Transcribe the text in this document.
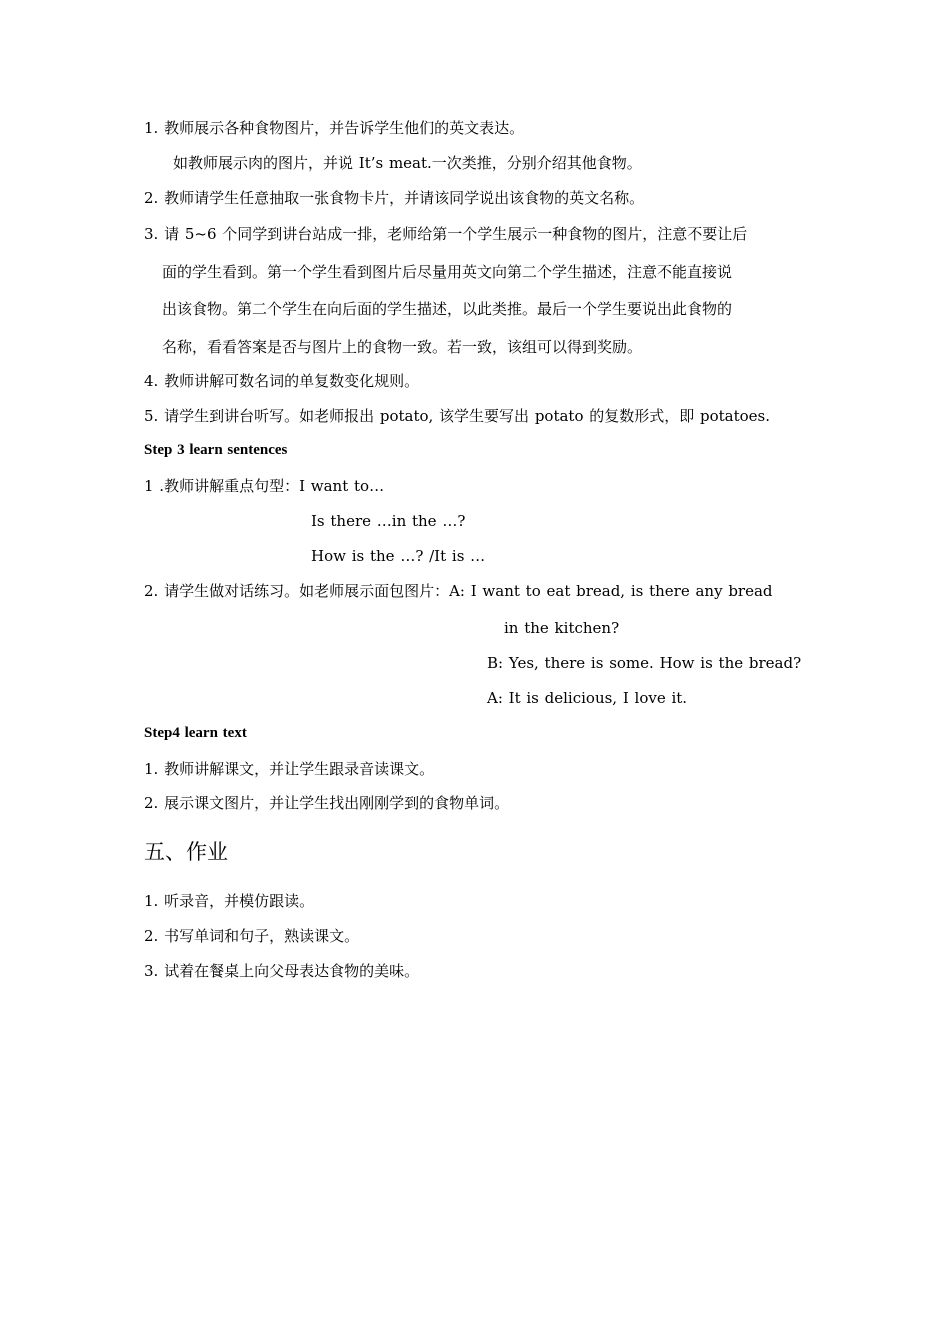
1. 教师展示各种食物图片，并告诉学生他们的英文表达。
如教师展示肉的图片，并说 It’s meat.一次类推，分别介绍其他食物。
2. 教师请学生任意抽取一张食物卡片，并请该同学说出该食物的英文名称。
3. 请 5~6 个同学到讲台站成一排，老师给第一个学生展示一种食物的图片，注意不要让后
面的学生看到。第一个学生看到图片后尽量用英文向第二个学生描述，注意不能直接说
出该食物。第二个学生在向后面的学生描述，以此类推。最后一个学生要说出此食物的
名称，看看答案是否与图片上的食物一致。若一致，该组可以得到奖励。
4. 教师讲解可数名词的单复数变化规则。
5. 请学生到讲台听写。如老师报出 potato, 该学生要写出 potato 的复数形式，即 potatoes.
Step 3 learn sentences
1 .教师讲解重点句型：I want to…
Is there …in the …?
How is the …? /It is …
2. 请学生做对话练习。如老师展示面包图片：A: I want to eat bread, is there any bread
in the kitchen?
B: Yes, there is some. How is the bread?
A: It is delicious, I love it.
Step4 learn text
1. 教师讲解课文，并让学生跟录音读课文。
2. 展示课文图片，并让学生找出刚刚学到的食物单词。
五、作业
1. 听录音，并模仿跟读。
2. 书写单词和句子，熟读课文。
3. 试着在餐桌上向父母表达食物的美味。
